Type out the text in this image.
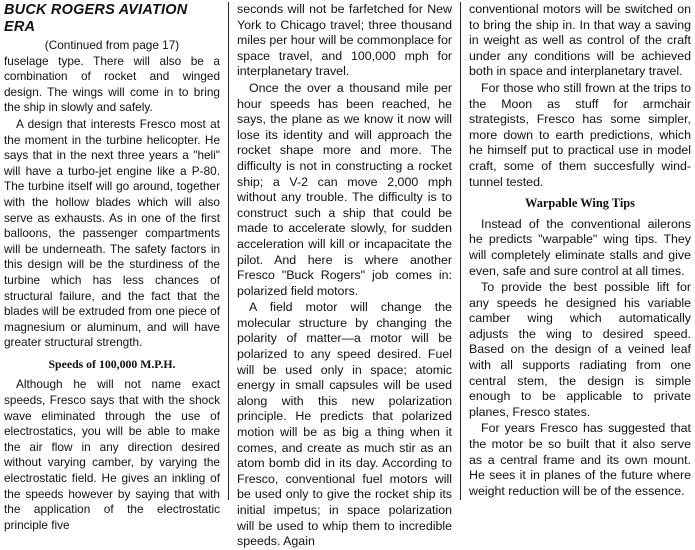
BUCK ROGERS AVIATION ERA
(Continued from page 17)

fuselage type. There will also be a combination of rocket and winged design. The wings will come in to bring the ship in slowly and safely.

A design that interests Fresco most at the moment in the turbine helicopter. He says that in the next three years a "heli" will have a turbo-jet engine like a P-80. The turbine itself will go around, together with the hollow blades which will also serve as exhausts. As in one of the first balloons, the passenger compartments will be underneath. The safety factors in this design will be the sturdiness of the turbine which has less chances of structural failure, and the fact that the blades will be extruded from one piece of magnesium or aluminum, and will have greater structural strength.

Speeds of 100,000 M.P.H.

Although he will not name exact speeds, Fresco says that with the shock wave eliminated through the use of electrostatics, you will be able to make the air flow in any direction desired without varying camber, by varying the electrostatic field. He gives an inkling of the speeds however by saying that with the application of the electrostatic principle five

seconds will not be farfetched for New York to Chicago travel; three thousand miles per hour will be commonplace for space travel, and 100,000 mph for interplanetary travel.

Once the over a thousand mile per hour speeds has been reached, he says, the plane as we know it now will lose its identity and will approach the rocket shape more and more. The difficulty is not in constructing a rocket ship; a V-2 can move 2,000 mph without any trouble. The difficulty is to construct such a ship that could be made to accelerate slowly, for sudden acceleration will kill or incapacitate the pilot. And here is where another Fresco "Buck Rogers" job comes in: polarized field motors.

A field motor will change the molecular structure by changing the polarity of matter—a motor will be polarized to any speed desired. Fuel will be used only in space; atomic energy in small capsules will be used along with this new polarization principle. He predicts that polarized motion will be as big a thing when it comes, and create as much stir as an atom bomb did in its day. According to Fresco, conventional fuel motors will be used only to give the rocket ship its initial impetus; in space polarization will be used to whip them to incredible speeds. Again

conventional motors will be switched on to bring the ship in. In that way a saving in weight as well as control of the craft under any conditions will be achieved both in space and interplanetary travel.

For those who still frown at the trips to the Moon as stuff for armchair strategists, Fresco has some simpler, more down to earth predictions, which he himself put to practical use in model craft, some of them succesfully wind-tunnel tested.

Warpable Wing Tips

Instead of the conventional ailerons he predicts "warpable" wing tips. They will completely eliminate stalls and give even, safe and sure control at all times.

To provide the best possible lift for any speeds he designed his variable camber wing which automatically adjusts the wing to desired speed. Based on the design of a veined leaf with all supports radiating from one central stem, the design is simple enough to be applicable to private planes, Fresco states.

For years Fresco has suggested that the motor be so built that it also serve as a central frame and its own mount. He sees it in planes of the future where weight reduction will be of the essence.
